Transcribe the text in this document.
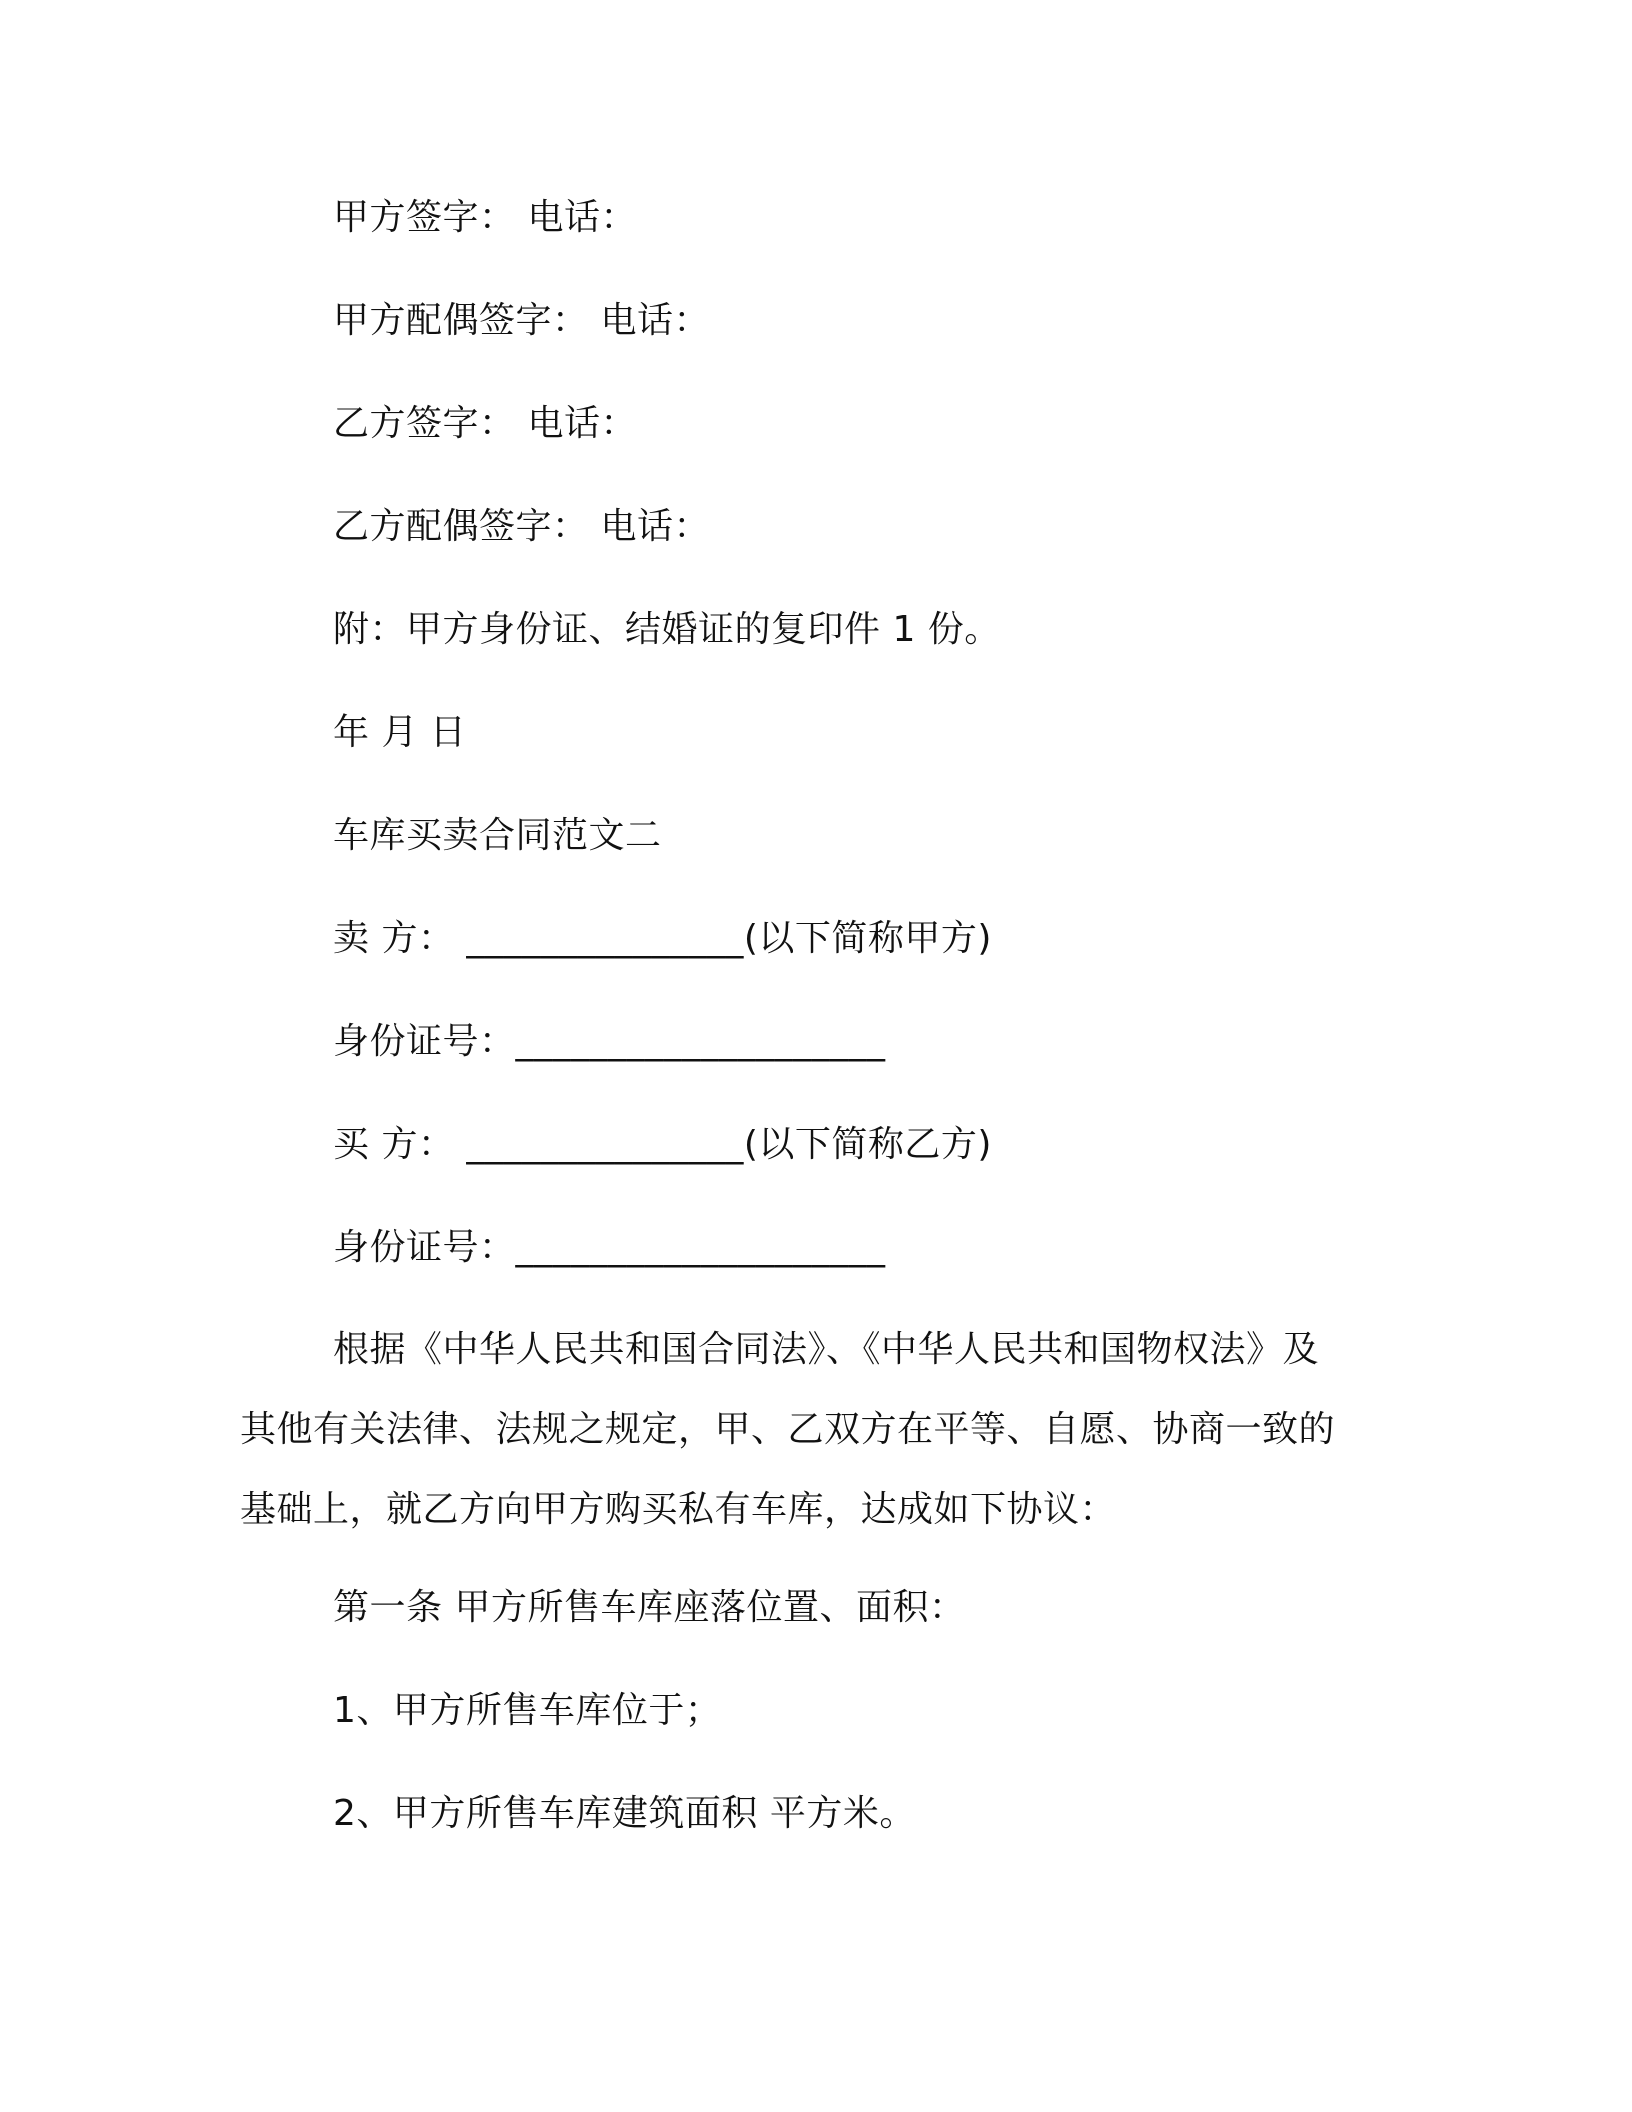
甲方签字： 电话：
甲方配偶签字： 电话：
乙方签字： 电话：
乙方配偶签字： 电话：
附：甲方身份证、结婚证的复印件 1 份。
年 月 日
车库买卖合同范文二
卖 方： _______________(以下简称甲方)
身份证号：____________________
买 方： _______________(以下简称乙方)
身份证号：____________________
根据《中华人民共和国合同法》、《中华人民共和国物权法》及
其他有关法律、法规之规定，甲、乙双方在平等、自愿、协商一致的
基础上，就乙方向甲方购买私有车库，达成如下协议：
第一条 甲方所售车库座落位置、面积：
1、甲方所售车库位于；
2、甲方所售车库建筑面积 平方米。
